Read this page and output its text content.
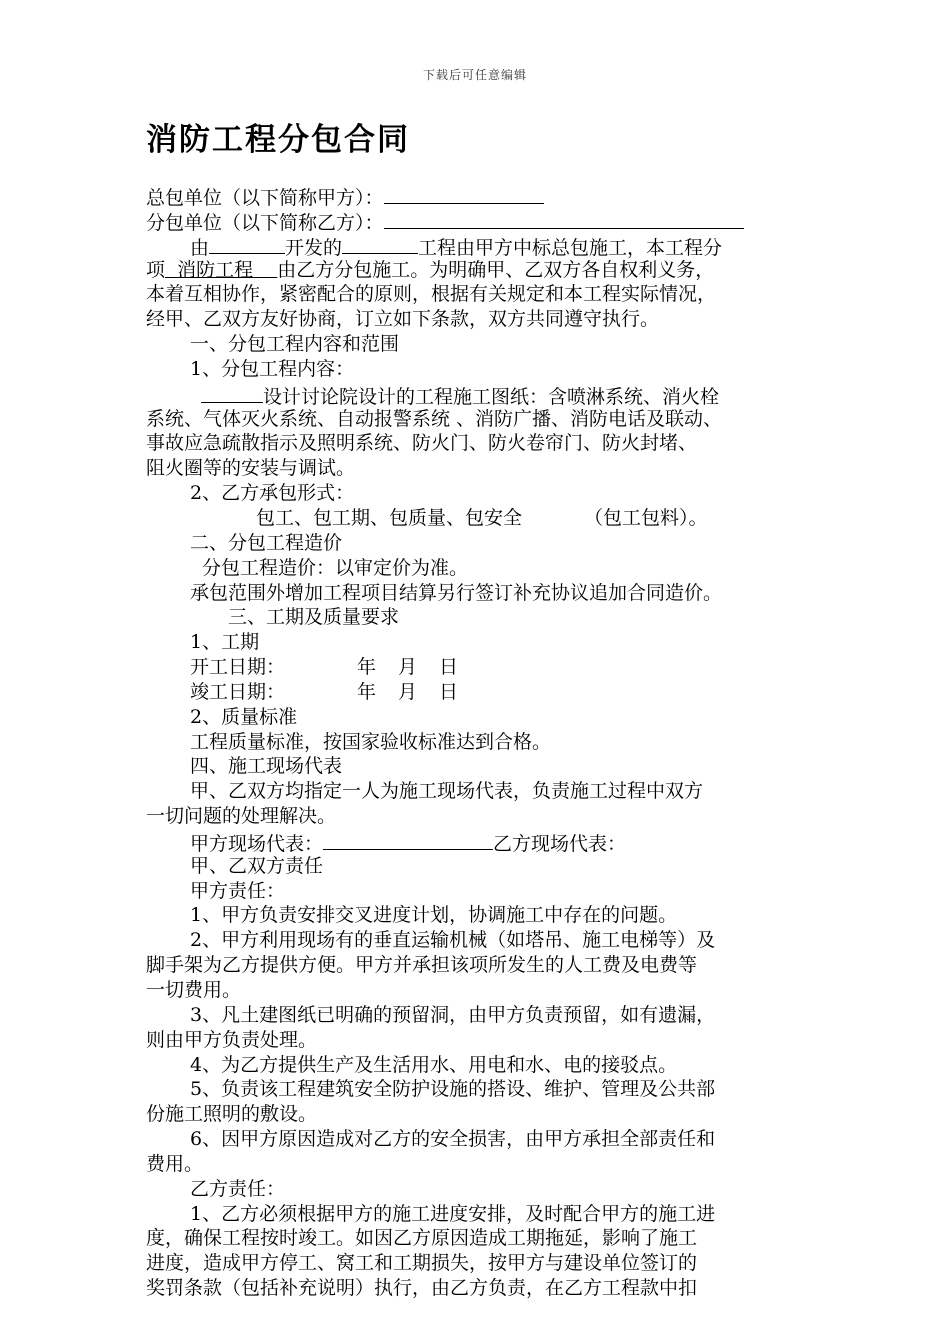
下载后可任意编辑
消防工程分包合同
总包单位（以下简称甲方）：
分包单位（以下简称乙方）：
由	开发的	工程由甲方中标总包施工，本工程分
项 消防工程 由乙方分包施工。为明确甲、乙双方各自权利义务，
本着互相协作，紧密配合的原则，根据有关规定和本工程实际情况，
经甲、乙双方友好协商，订立如下条款，双方共同遵守执行。
一、分包工程内容和范围
1、分包工程内容：
设计讨论院设计的工程施工图纸：含喷淋系统、消火栓
系统、气体灭火系统、自动报警系统 、消防广播、消防电话及联动、
事故应急疏散指示及照明系统、防火门、防火卷帘门、防火封堵、
阻火圈等的安装与调试。
2、乙方承包形式：
包工、包工期、包质量、包安全	（包工包料）。
二、分包工程造价
分包工程造价：以审定价为准。
承包范围外增加工程项目结算另行签订补充协议追加合同造价。
三、工期及质量要求
1、工期
开工日期：	年 月 日
竣工日期：	年 月 日
2、质量标准
工程质量标准，按国家验收标准达到合格。
四、施工现场代表
甲、乙双方均指定一人为施工现场代表，负责施工过程中双方
一切问题的处理解决。
甲方现场代表：	乙方现场代表：
甲、乙双方责任
甲方责任：
1、甲方负责安排交叉进度计划，协调施工中存在的问题。
2、甲方利用现场有的垂直运输机械（如塔吊、施工电梯等）及
脚手架为乙方提供方便。甲方并承担该项所发生的人工费及电费等
一切费用。
3、凡土建图纸已明确的预留洞，由甲方负责预留，如有遗漏，
则由甲方负责处理。
4、为乙方提供生产及生活用水、用电和水、电的接驳点。
5、负责该工程建筑安全防护设施的搭设、维护、管理及公共部
份施工照明的敷设。
6、因甲方原因造成对乙方的安全损害，由甲方承担全部责任和
费用。
乙方责任：
1、乙方必须根据甲方的施工进度安排，及时配合甲方的施工进
度，确保工程按时竣工。如因乙方原因造成工期拖延，影响了施工
进度，造成甲方停工、窝工和工期损失，按甲方与建设单位签订的
奖罚条款（包括补充说明）执行，由乙方负责，在乙方工程款中扣
